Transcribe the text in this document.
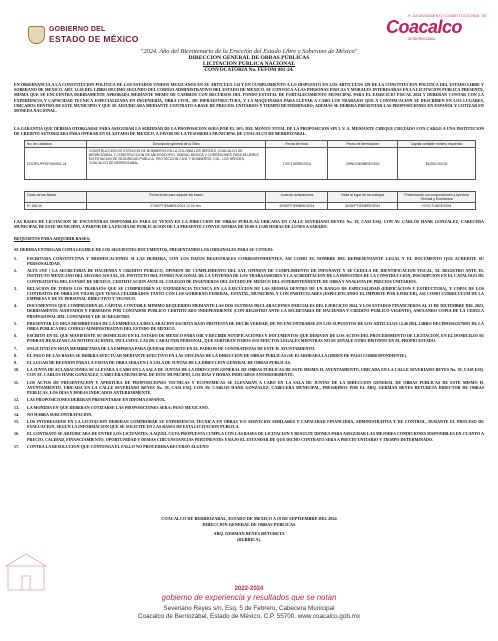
GOBIERNO DEL
ESTADO DE MÉXICO
H. AYUNTAMIENTO CONSTITUCIONAL DE
Coacalco
DE BERRIOZÁBAL
"2024. Año del Bicentenario de la Erección del Estado Libre y Soberano de México"
DIRECCION GENERAL DE OBRAS PÚBLICAS
LICITACION PUBLICA NACIONAL
CONVOCATORIA No. FEFOM 001-24.
EN OBSERVANCIA A LA CONSTITUCION POLITICA DE LOS ESTADOS UNIDOS MEXICANOS EN SU ARTICULO 134 Y EN CUMPLIMIENTO A LO DISPUESTO EN LOS ARTICULOS 129 DE LA CONSTITUCION POLITICA DEL ESTADO LIBRE Y SOBERANO DE MEXICO, ART. 12.20 DEL LIBRO DECIMO SEGUNDO DEL CODIGO ADMINISTRATIVO DEL ESTADO DE MEXICO, SE CONVOCA A LAS PERSONAS FISICAS Y MORALES INTERESADAS EN LA LICITACION PUBLICA PRESENTE, MISMA QUE SE ENCUENTRA DEBIDAMENTE APROBADA MEDIANTE MEMO DE CAMBIOS CON RECURSOS DEL FONDO ESTATAL DE FORTALECIMIENTO MUNICIPAL PARA EL EJERCICIO FISCAL 2024 Y DEBERAN CONTAR CON LA EXPERIENCIA Y CAPACIDAD TECNICA ESPECIALIZADA EN INGENIERIA, OBRA CIVIL, DE INFRAESTRUCTURA, Y LA MAQUINARIA PARA LLEVAR A CABO LOS TRABAJOS QUE A CONTINUACION SE DESCRIBEN EN LOS LUGARES, UBICADOS DENTRO DE ESTE MUNICIPIO Y QUE SE ADJUDICARA MEDIANTE CONTRATO A BASE DE PRECIOS UNITARIOS Y TIEMPO DETERMINADO; ADEMAS SE DEBERA PRESENTAR LAS PROPOSICIONES EN ESPAÑOL Y COTIZAR EN MONEDA NACIONAL.
LA GARANTIA QUE DEBERA OTORGARSE PARA ASEGURAR LA SERIEDAD DE LA PROPOSICION SERA POR EL 10% DEL MONTO TOTAL DE LA PROPOSICION SIN I. V. A. MEDIANTE CHEQUE CRUZADO CON CARGO A UNA INSTITUCION DE CREDITO AUTORIZADA PARA OPERAR EN EL ESTADO DE MEXICO, A FAVOR DE LA TESORERIA MUNICIPAL DE COACALCO DE BERRIOZABAL.
No. de Licitación	Descripción general de la Obra	Fecha de Inicio	Fecha de terminación	Capital contable mínimo requerido
DGOP/LP/FEFOM/001-24	CONSTRUCCION DE ESTACION DE BOMBEROS EN LA COLONIA LOS HEROES, COACALCO DE BERRIOZABAL Y CONSTRUCCION DE ANGIOSCOPIO, UNIDAD MEDICA Y CORREDORES PARA MUJERES EN ESTACION DE SEGURIDAD PUBLICA, PROTECCION CIVIL Y BOMBEROS, COL. LOS HEROES, COACALCO DE BERRIOZABAL.	1/OCTUBRE/2024	29/NOVIEMBRE/2024	$5,500,000.00
Costo de las Bases	Fecha límite para adquirir las bases	Junta de Aclaraciones	Visita al lugar de los trabajos	Presentación con proposiciones y Apertura Técnica y Económica
$7,650.00	27/SEPTIEMBRE/2024 12:00 Hrs.	30/SEPTIEMBRE/2024	30/SEPTIEMBRE/2024	07/OCTUBRE/2024
LAS BASES DE LICITACION SE ENCUENTRAN DISPONIBLES PARA SU VENTA EN LA DIRECCION DE OBRAS PUBLICAS UBICADA EN CALLE SEVERIANO REYES No. 39, CASI ESQ. CON AV. CARLOS HANK GONZALEZ, CABECERA MUNICIPAL DE ESTE MUNICIPIO, A PARTIR DE LA FECHA DE PUBLICACION DE LA PRESENTE CONVOCATORIA DE 10:00 A 13:00 HORAS DE LUNES A SABADO.
REQUISITOS PARA ADQUIRIR BASES:
SE DEBERA ENTREGAR COPIA LEGIBLE DE LOS SIGUIENTES DOCUMENTOS, PRESENTANDO LOS ORIGINALES PARA SU COTEJO:
1.	ESCRITURA CONSTITUTIVA Y MODIFICACIONES SI LAS HUBIERA, CON LOS DATOS REGISTRALES CORRESPONDIENTES, ASI COMO EL NOMBRE DEL REPRESENTANTE LEGAL Y EL DOCUMENTO QUE ACREDITE SU PERSONALIDAD.
2.	ALTA SYE ( LA SECRETARIA DE HACIENDA Y CREDITO PUBLICO, OPINION DE CUMPLIMIENTO DEL SAT, OPINION DE CUMPLIMIENTO DE INFONAVIT Y SE CEDULA DE IDENTIFICACION FISCAL, EL REGISTRO ANTE EL INSTITUTO MEXICANO DEL SEGURO SOCIAL, EL INSTITUTO DEL FONDO NACIONAL DE LA VIVIENDA DE LOS TRABAJADORES Y LA ACREDITACION DE LA INDUSTRIA DE LA CONSTRUCCION, INSCRIPCION EN EL CATALOGO DE CONTRATISTAS DEL ESTADO DE MEXICO, CERTIFICACION ANTE EL COLEGIO DE INGENIEROS DEL ESTADO DE MEXICO DEL SUPERINTENDENTE DE OBRA Y ANALISTA DE PRECIOS UNITARIOS.
3.	RELACION DE TODOS LOS TRABAJOS QUE SE COMPRUEBEN SU EXPERIENCIA TECNICA EN LA EJECUCION DE LAS MISMAS DENTRO DE UN RANGO DE ESPECIALIDAD (EDIFICACION Y ESTRUCTURA), Y COPIA DE LOS CONTRATOS DE OBRA EN VIGOR QUE TENGA CELEBRADOS TANTO CON LOS GOBIERNO FEDERAL, ESTATAL, MUNICIPAL Y CON PARTICULARES (ESPECIFICANDO EL IMPORTE POR EJERCER), ASI COMO CURRICULUM DE LA EMPRESA Y DE SU PERSONAL DIRECTIVO Y TECNICO.
4.	DOCUMENTOS QUE COMPRUEBEN EL CAPITAL CONTABLE MINIMO REQUERIDO MEDIANTE LAS DOS ULTIMAS DECLARACIONES PARCIALES DEL EJERCICIO 2024, Y LOS ESTADOS FINANCIEROS AL 31 DE DICIEMBRE DEL 2023, DEBIDAMENTE AUDITADOS Y FIRMADOS POR CONTADOR PUBLICO CERTIFICADO INDEPENDIENTE (CON REGISTRO ANTE LA SECRETARIA DE HACIENDA Y CREDITO PUBLICO VIGENTE), ANEXANDO COPIA DE LA CEDULA PROFESIONAL DEL CONTADOR Y DE SU REGISTRO.
5.	PRESENTAR LO DIGA MEMBRETADA DE LA EMPRESA LA DECLARACION ESCRITA BAJO PROTESTA DE DECIR VERDAD, DE NO ENCONTRARSE EN LOS SUPUESTOS DE LOS ARTICULOS 12.46 DEL LIBRO DECIMOSEGUNDO DE LA OBRA PUBLICA DEL CODIGO ADMINISTRATIVO DEL ESTADO DE MEXICO.
6.	ESCRITO EN EL QUE MANIFIESTE SU DOMICILIO EN EL ESTADO DE MEXICO PARA OIR Y RECIBIR NOTIFICACIONES Y DOCUMENTOS QUE DERIVEN DE LOS ACTOS DEL PROCEDIMIENTO DE LICITACION, EN EL DOMICILIO SE PODRAN REALIZAR LAS NOTIFICACIONES, INCLUSIVE, LAS DE CARACTER PERSONAL, QUE SURTIRAN TODOS SUS EFECTOS LEGALES MIENTRAS NO SE SEÑALE OTRO DISTINTO EN EL PROPIO ESTADO.
7.	SOLICITUD EN HOJA MEMBRETADA DE LA EMPRESA PARA QUEDAR INSCRITO EN EL PADRON DE CONTRATISTAS DE ESTE H. AYUNTAMIENTO.
8.	EL PAGO DE LAS BASES SE DEBERA EFECTUAR MEDIANTE EFECTIVO EN LAS OFICINAS DE LA DIRECCION DE OBRAS PUBLICAS (SE ELABORARA LA ORDEN DE PAGO CORRESPONDIENTE).
9.	EL LUGAR DE REUNION PARA LA VISITA DE OBRA SERA EN LA SALA DE JUNTAS DE LA DIRECCION GENERAL DE OBRAS PUBLICAS.
10.	LA JUNTA DE ACLARACIONES SE LLEVARA A CABO EN LA SALA DE JUNTAS DE LA DIRECCION GENERAL DE OBRAS PUBLICAS DE ESTE MISMO H. AYUNTAMIENTO, UBICADA EN LA CALLE SEVERIANO REYES No. 39, CASI ESQ. CON AV. CARLOS HANK GONZALEZ, CABECERA MUNICIPAL DE ESTE MUNICIPIO, LOS DIAS Y HORAS INDICADOS ANTERIORMENTE.
11.	LOS ACTOS DE PRESENTACION Y APERTURA DE PROPOSICIONES TECNICAS Y ECONOMICAS SE LLEVARAN A CABO EN LA SALA DE JUNTAS DE LA DIRECCION GENERAL DE OBRAS PUBLICAS DE ESTE MISMO H. AYUNTAMIENTO, UBICADA EN LA CALLE SEVERIANO REYES No. 39, CASI ESQ. CON AV. CARLOS HANK GONZALEZ, CABECERA MUNICIPAL, PRESIDIDOS POR EL ARQ. GERMAN REYES RETURETA DIRECTOR DE OBRAS PUBLICAS, LOS DIAS Y HORAS INDICADOS ANTERIORMENTE.
12.	LAS PROPOSICIONES DEBERAN PRESENTARSE EN IDIOMA ESPAÑOL.
13.	LA MONEDA EN QUE DEBERAN COTIZARSE LAS PROPOSICIONES SERA: PESO MEXICANO.
14.	NO HABRA SUBCONTRATACION.
15.	LOS INTERESADOS EN LA LICITACION DEBERAN COMPROBAR SU EXPERIENCIA TECNICA EN OBRAS Y/O SERVICIOS SIMILARES Y CAPACIDAD FINANCIERA, ADMINISTRATIVA Y DE CONTROL, DURANTE EL PROCESO DE EVALUACION, SEGUN LA INFORMACION QUE SE SOLICITE EN LAS BASES DE ESTA LICITACION PUBLICA.
16.	EL CONTRATO SE ADJUDICARA DE ENTRE LOS LICITANTES, A AQUEL CUYA PROPUESTA CUMPLA CON LAS BASES DE LICITACION Y RESULTE IDONEA PARA ASEGURAR LAS MEJORES CONDICIONES DISPONIBLES EN CUANTO A PRECIO, CALIDAD, FINANCIAMIENTO, OPORTUNIDAD Y DEMAS CIRCUNSTANCIAS PERTINENTES Y BAJO EL ESTANDAR DE QUE DICHO CONTRATO SERA A PRECIO UNITARIO Y TIEMPO DETERMINADO.
17.	CONTRA LA RESOLUCION QUE CONTENGA EL FALLO NO PROCEDERA RECURSO ALGUNO
COACALCO DE BERRIOZABAL, ESTADO DE MEXICO A 19 DE SEPTIEMBRE DEL 2024
DIRECCION GENERAL DE OBRAS PUBLICAS
ARQ. GERMAN REYES RETURETA
(RUBRICA).
2022-2024
gobierno de experiencia y resultados que se notan
Severiano Reyes s/n, Esq. 5 de Febrero, Cabecera Municipal
Coacalco de Berriozábal, Estado de México, C.P. 55700. www.coacalco.gob.mx
